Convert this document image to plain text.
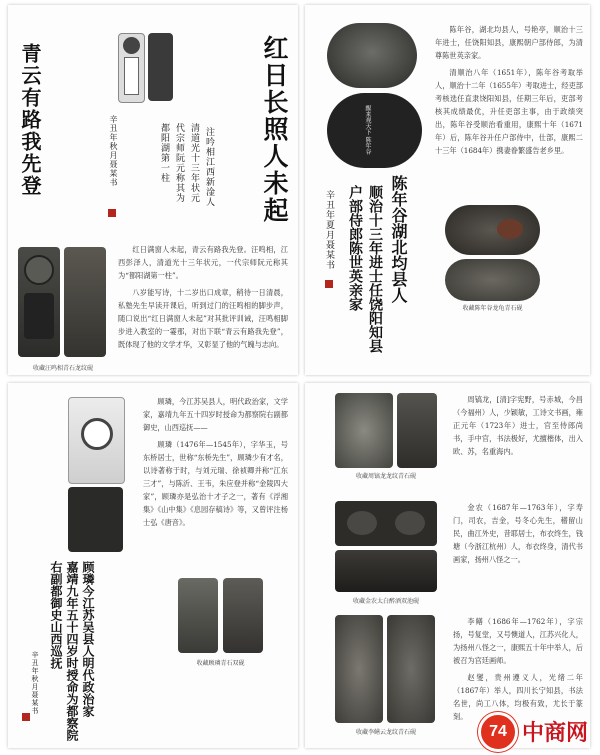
红日长照人未起
青云有路我先登	注吟相江西新淦人
清道光十三年状元
代宗师阮元称其为
都阳湖第一柱
辛丑年秋月聂某书
收藏汪鸣相青石龙纹砚

红日满窗人未起，青云有路我先登。汪鸣相，江西彭泽人，清道光十三年状元，一代宗师阮元称其为“都阳湖第一柱”。

八岁能写诗，十二岁出口成章，稍待一日清晨，私塾先生早读开课后，听到过门的汪鸣相的脚步声，随口说出“红日满窗人未起”对其批评训诫，汪鸣相脚步进入教室的一霎那，对出下联“青云有路我先登”，既体现了他的文学才华，又彰显了他的气魄与志向。

醒来观天下 陈年谷

陈年谷，湖北均县人，号艳亭，顺治十三年进士，任饶阳知县，康熙朝户部侍郎，为清尊陈世英亲家。

清顺治八年（1651年），陈年谷考取举人，顺治十二年（1655年）考取进士，经吏部考核选任直隶饶阳知县，任期三年后，吏部考核其成绩最优，升任吏部主事，由于政绩突出，陈年谷受顺治看重用，康熙十年（1671年）后，陈年谷升任户部侍中，仕部，康熙二十三年（1684年）携妻眷繁盛告老乡里。

陈年谷湖北均县人
顺治十三年进士任饶阳知县
户部侍郎陈世英亲家
辛丑年夏月聂某书
收藏陈年谷龙龟青石砚

顾璘，今江苏吴县人，明代政治家，文学家，嘉靖九年五十四岁时授命为都察院右副都御史，山西巡抚——

顾璘（1476年—1545年），字华玉，号东桥居士，世称“东桥先生”，顾璘少有才名，以诗著称于时，与刘元瑞、徐祯卿并称“江东三才”，与陈沂、王韦，朱应登并称“金陵四大家”，顾璘亦是弘治十才子之一，著有《浮湘集》《山中集》《息园存稿诗》等，又曾评注杨士弘《唐音》。

顾璘今江苏吴县人明代政治家
嘉靖九年五十四岁时授命为都察院
右副都御史山西巡抚
辛丑年秋月聂某书	收藏顾璘青石双砚
收藏周镐龙龙纹青石砚

周镐龙，[清]字宪野，号赤城，今昌（今福州）人，少颖敏，工诗文书画，雍正元年（1723年）进士，官至侍郎尚书，手中官，书法极好，尤擅楷体，出入欧、苏，名重海内。

收藏金农太白醉酒双池砚

金农（1687年—1763年），字寿门，司农，吉金，号冬心先生，稽留山民，曲江外史，昔耶居士，布衣终生，钱塘（今浙江杭州）人，布衣终身，清代书画家，扬州八怪之一。

收藏李鳝云龙纹青石砚

李鳝（1686年—1762年），字宗扬，号复堂，又号懊道人，江苏兴化人，为扬州八怪之一，康熙五十年中举人，后被召为宫廷画师。

赵燮，贵州遵义人，光绪二年（1867年）举人，四川长宁知县，书法名世，尚工八体，均极有致，尤长于篆刻。

74 中商网
